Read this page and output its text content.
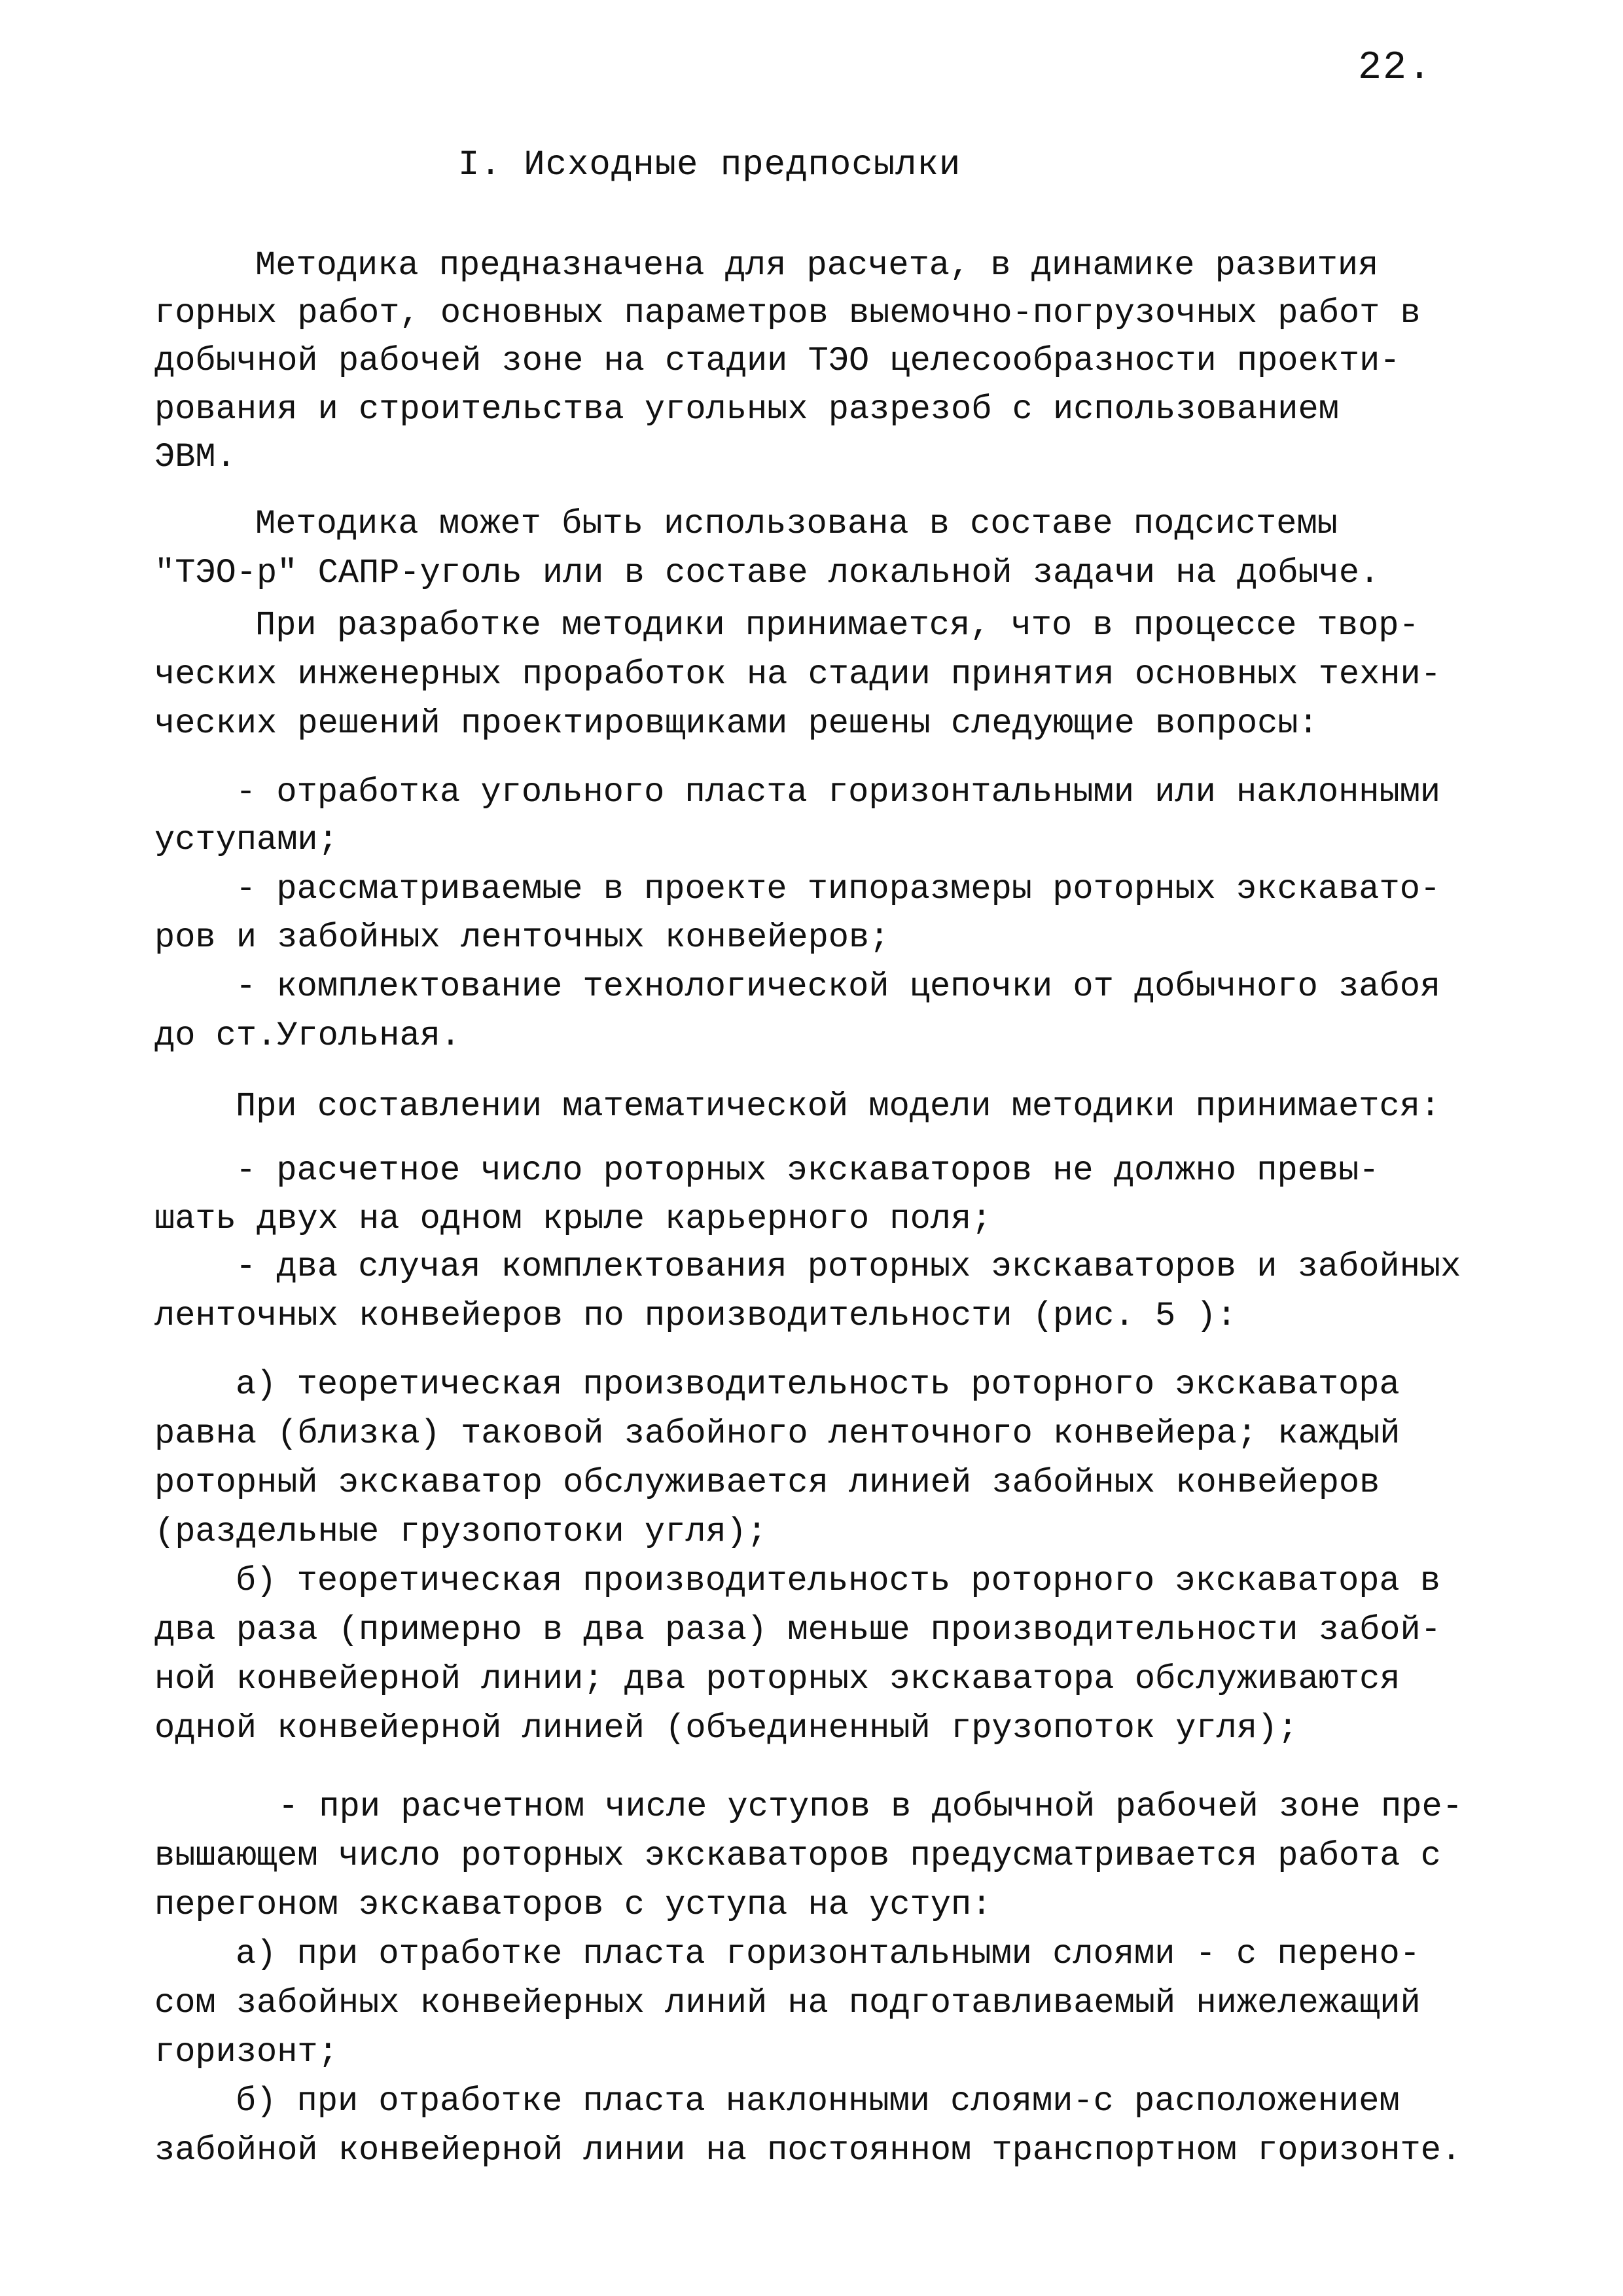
22.
I. Исходные предпосылки
Методика предназначена для расчета, в динамике развития
горных работ, основных параметров выемочно-погрузочных работ в
добычной рабочей зоне на стадии ТЭО целесообразности проекти-
рования и строительства угольных разрезоб с использованием
ЭВМ.
Методика может быть использована в составе подсистемы
"ТЭО-р" САПР-уголь или в составе локальной задачи на добыче.
При разработке методики принимается, что в процессе твор-
ческих инженерных проработок на стадии принятия основных техни-
ческих решений проектировщиками решены следующие вопросы:
- отработка угольного пласта горизонтальными или наклонными
уступами;
- рассматриваемые в проекте типоразмеры роторных экскавато-
ров и забойных ленточных конвейеров;
- комплектование технологической цепочки от добычного забоя
до ст.Угольная.
При составлении математической модели методики принимается:
- расчетное число роторных экскаваторов не должно превы-
шать двух на одном крыле карьерного поля;
- два случая комплектования роторных экскаваторов и забойных
ленточных конвейеров по производительности (рис. 5 ):
а) теоретическая производительность роторного экскаватора
равна (близка) таковой забойного ленточного конвейера; каждый
роторный экскаватор обслуживается линией забойных конвейеров
(раздельные грузопотоки угля);
б) теоретическая производительность роторного экскаватора в
два раза (примерно в два раза) меньше производительности забой-
ной конвейерной линии; два роторных экскаватора обслуживаются
одной конвейерной линией (объединенный грузопоток угля);
- при расчетном числе уступов в добычной рабочей зоне пре-
вышающем число роторных экскаваторов предусматривается работа с
перегоном экскаваторов с уступа на уступ:
а) при отработке пласта горизонтальными слоями - с перено-
сом забойных конвейерных линий на подготавливаемый нижележащий
горизонт;
б) при отработке пласта наклонными слоями-с расположением
забойной конвейерной линии на постоянном транспортном горизонте.
